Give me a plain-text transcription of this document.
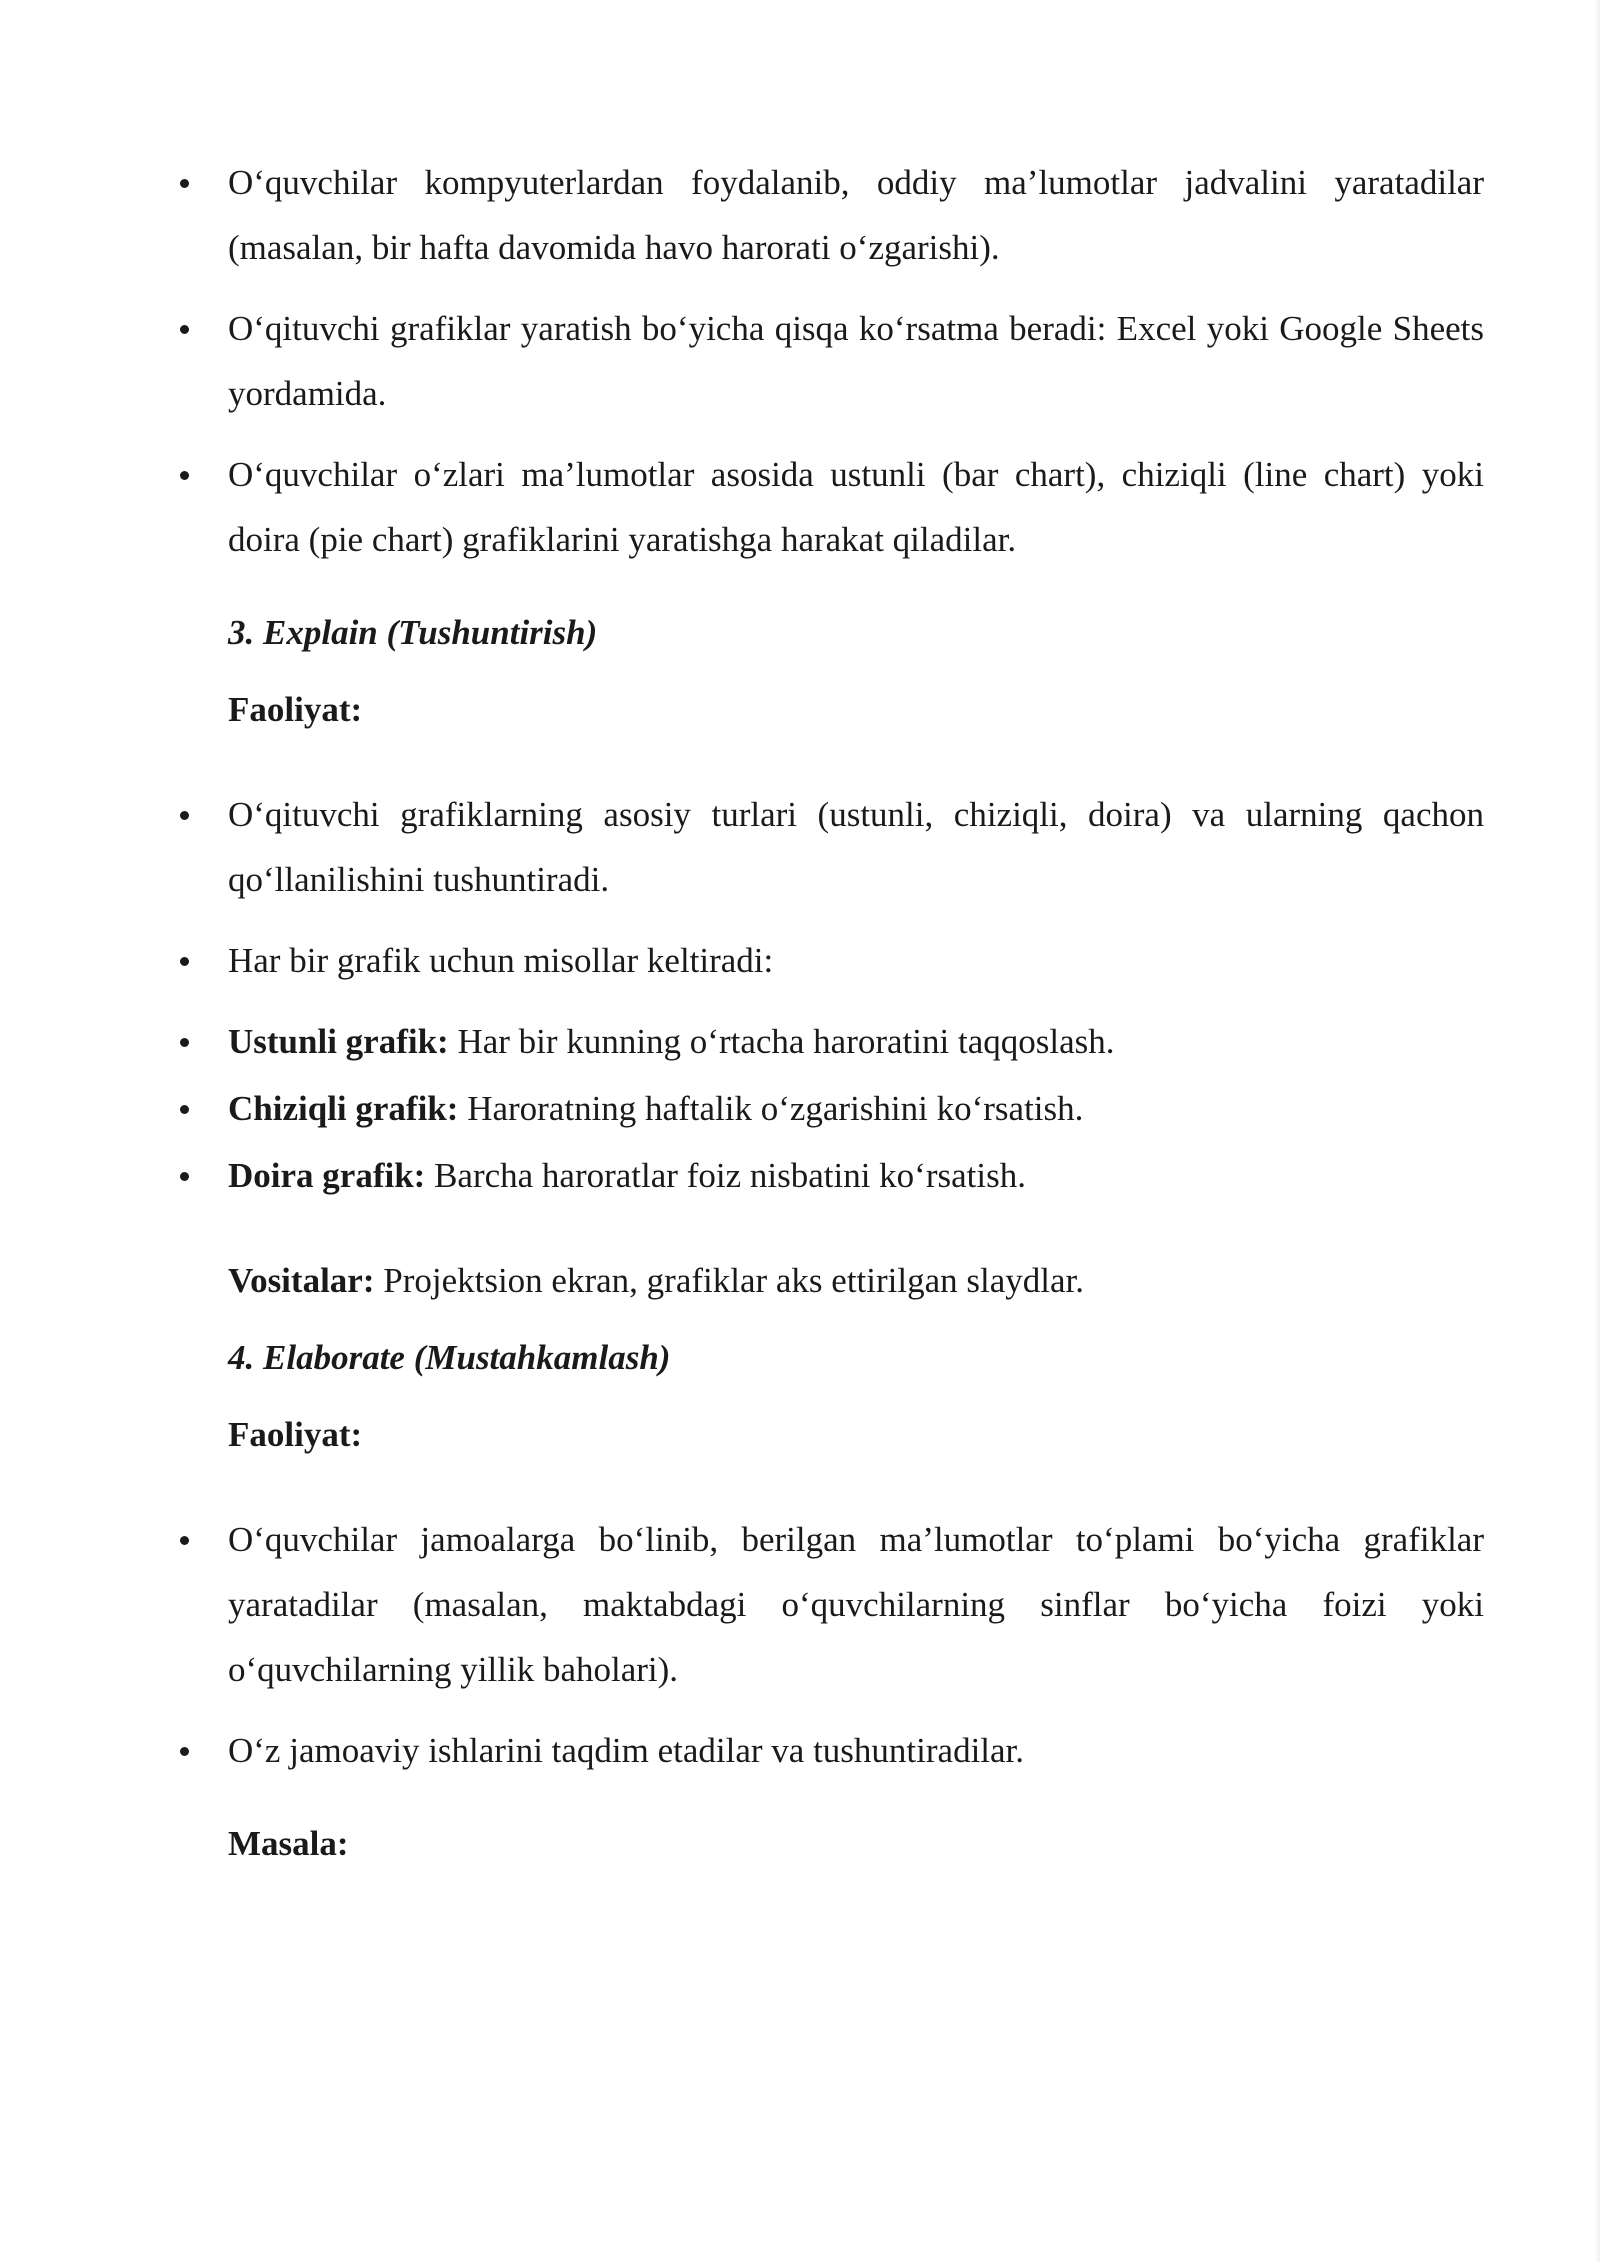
O‘quvchilar kompyuterlardan foydalanib, oddiy ma’lumotlar jadvalini yaratadilar (masalan, bir hafta davomida havo harorati o‘zgarishi).
O‘qituvchi grafiklar yaratish bo‘yicha qisqa ko‘rsatma beradi: Excel yoki Google Sheets yordamida.
O‘quvchilar o‘zlari ma’lumotlar asosida ustunli (bar chart), chiziqli (line chart) yoki doira (pie chart) grafiklarini yaratishga harakat qiladilar.

3. Explain (Tushuntirish)

Faoliyat:

O‘qituvchi grafiklarning asosiy turlari (ustunli, chiziqli, doira) va ularning qachon qo‘llanilishini tushuntiradi.
Har bir grafik uchun misollar keltiradi:
Ustunli grafik: Har bir kunning o‘rtacha haroratini taqqoslash.
Chiziqli grafik: Haroratning haftalik o‘zgarishini ko‘rsatish.
Doira grafik: Barcha haroratlar foiz nisbatini ko‘rsatish.

Vositalar: Projektsion ekran, grafiklar aks ettirilgan slaydlar.

4. Elaborate (Mustahkamlash)

Faoliyat:

O‘quvchilar jamoalarga bo‘linib, berilgan ma’lumotlar to‘plami bo‘yicha grafiklar yaratadilar (masalan, maktabdagi o‘quvchilarning sinflar bo‘yicha foizi yoki o‘quvchilarning yillik baholari).
O‘z jamoaviy ishlarini taqdim etadilar va tushuntiradilar.

Masala:
